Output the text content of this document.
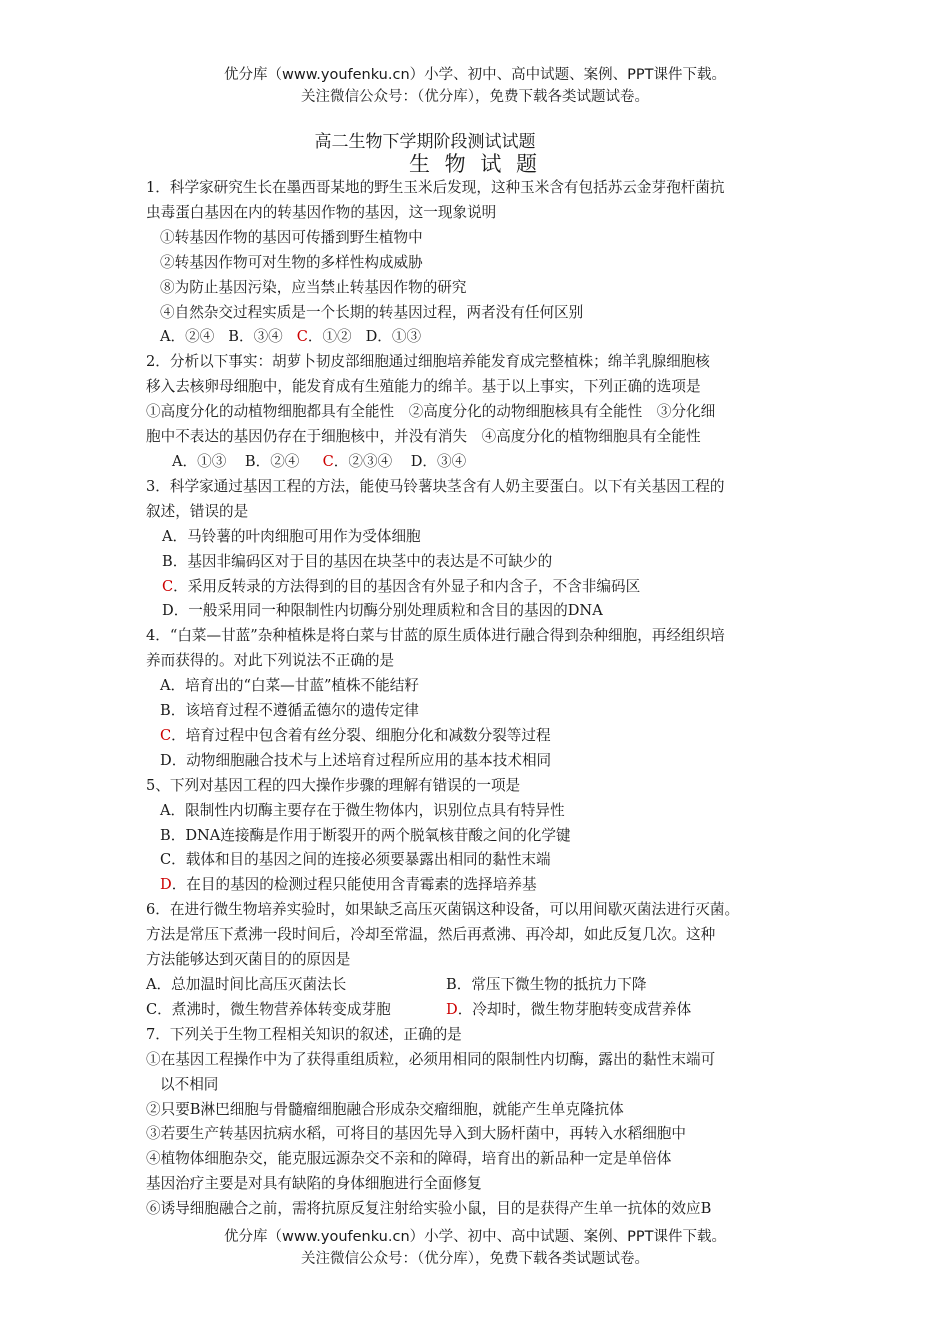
优分库（www.youfenku.cn）小学、初中、高中试题、案例、PPT课件下载。
关注微信公众号：（优分库），免费下载各类试题试卷。
高二生物下学期阶段测试试题
生 物 试 题
1．科学家研究生长在墨西哥某地的野生玉米后发现，这种玉米含有包括苏云金芽孢杆菌抗
虫毒蛋白基因在内的转基因作物的基因，这一现象说明
①转基因作物的基因可传播到野生植物中
②转基因作物可对生物的多样性构成威胁
⑧为防止基因污染，应当禁止转基因作物的研究
④自然杂交过程实质是一个长期的转基因过程，两者没有任何区别
A．②④ B．③④ C．①② D．①③
2．分析以下事实：胡萝卜韧皮部细胞通过细胞培养能发育成完整植株；绵羊乳腺细胞核
移入去核卵母细胞中，能发育成有生殖能力的绵羊。基于以上事实，下列正确的选项是
①高度分化的动植物细胞都具有全能性　②高度分化的动物细胞核具有全能性　③分化细
胞中不表达的基因仍存在于细胞核中，并没有消失　④高度分化的植物细胞具有全能性
A．①③ B．②④ C．②③④ D．③④
3．科学家通过基因工程的方法，能使马铃薯块茎含有人奶主要蛋白。以下有关基因工程的
叙述，错误的是
A．马铃薯的叶肉细胞可用作为受体细胞
B．基因非编码区对于目的基因在块茎中的表达是不可缺少的
C．采用反转录的方法得到的目的基因含有外显子和内含子，不含非编码区
D．一般采用同一种限制性内切酶分别处理质粒和含目的基因的DNA
4．“白菜—甘蓝”杂种植株是将白菜与甘蓝的原生质体进行融合得到杂种细胞，再经组织培
养而获得的。对此下列说法不正确的是
A．培育出的“白菜—甘蓝”植株不能结籽
B．该培育过程不遵循孟德尔的遗传定律
C．培育过程中包含着有丝分裂、细胞分化和减数分裂等过程
D．动物细胞融合技术与上述培育过程所应用的基本技术相同
5、下列对基因工程的四大操作步骤的理解有错误的一项是
A．限制性内切酶主要存在于微生物体内，识别位点具有特异性
B．DNA连接酶是作用于断裂开的两个脱氧核苷酸之间的化学键
C．载体和目的基因之间的连接必须要暴露出相同的黏性末端
D．在目的基因的检测过程只能使用含青霉素的选择培养基
6．在进行微生物培养实验时，如果缺乏高压灭菌锅这种设备，可以用间歇灭菌法进行灭菌。
方法是常压下煮沸一段时间后，冷却至常温，然后再煮沸、再冷却，如此反复几次。这种
方法能够达到灭菌目的的原因是
A．总加温时间比高压灭菌法长	B．常压下微生物的抵抗力下降
C．煮沸时，微生物营养体转变成芽胞	D．冷却时，微生物芽胞转变成营养体
7．下列关于生物工程相关知识的叙述，正确的是
①在基因工程操作中为了获得重组质粒，必须用相同的限制性内切酶，露出的黏性末端可
以不相同
②只要B淋巴细胞与骨髓瘤细胞融合形成杂交瘤细胞，就能产生单克隆抗体
③若要生产转基因抗病水稻，可将目的基因先导入到大肠杆菌中，再转入水稻细胞中
④植物体细胞杂交，能克服远源杂交不亲和的障碍，培育出的新品种一定是单倍体
基因治疗主要是对具有缺陷的身体细胞进行全面修复
⑥诱导细胞融合之前，需将抗原反复注射给实验小鼠，目的是获得产生单一抗体的效应B
优分库（www.youfenku.cn）小学、初中、高中试题、案例、PPT课件下载。
关注微信公众号：（优分库），免费下载各类试题试卷。
